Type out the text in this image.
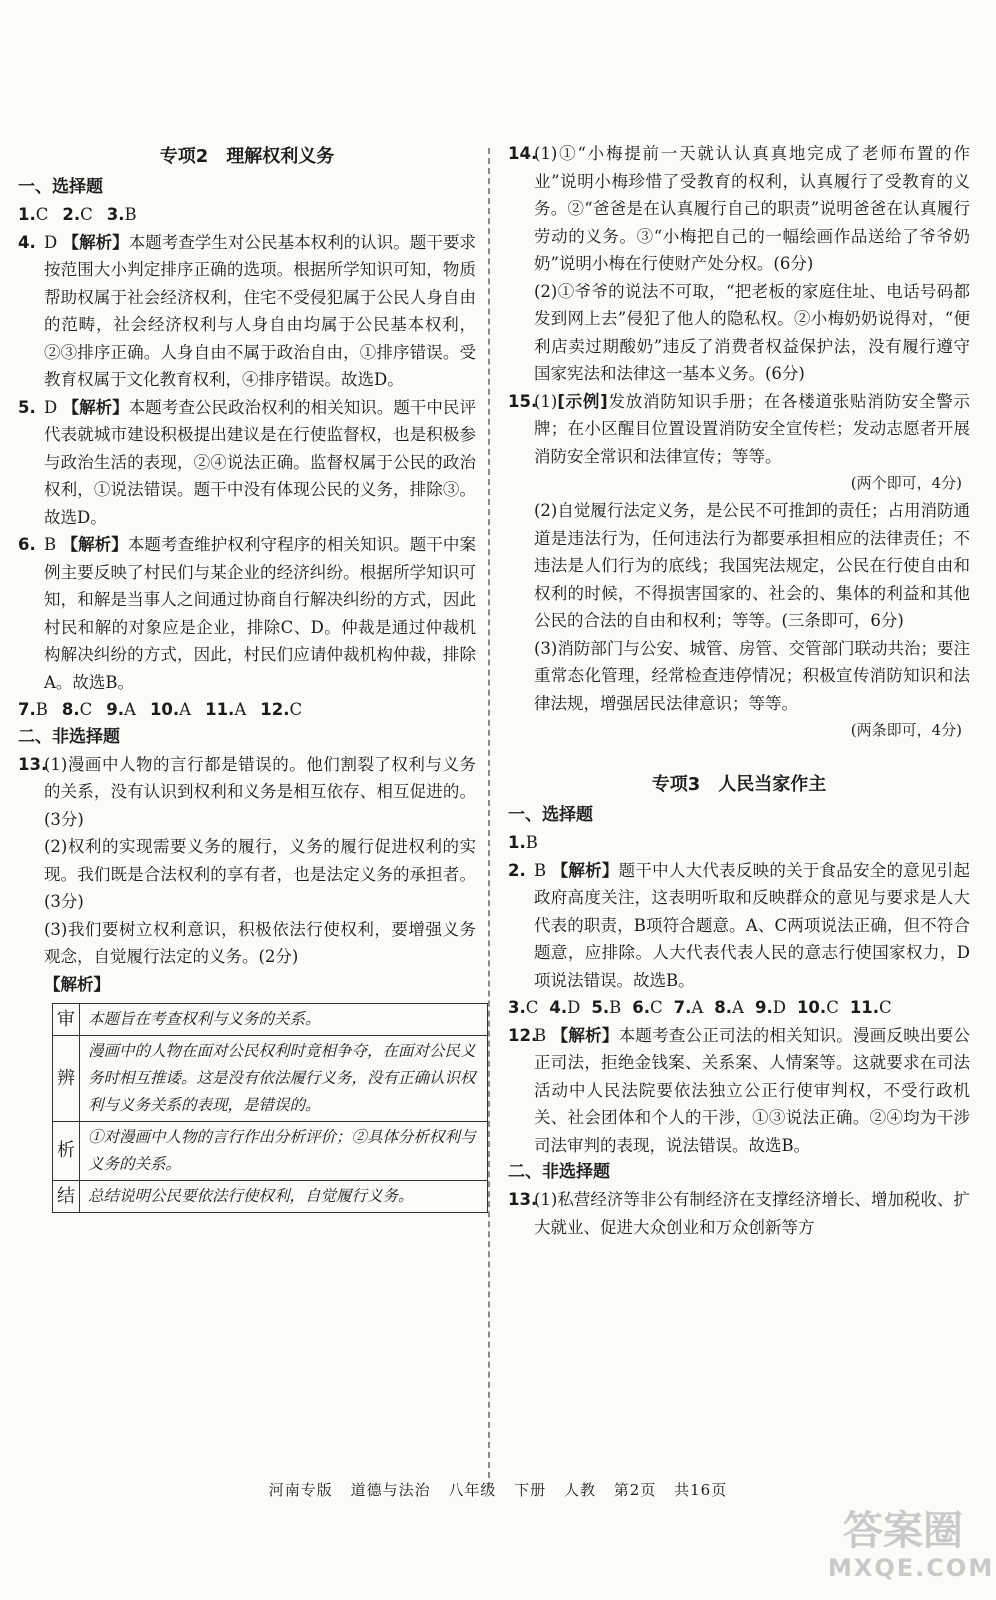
专项2　理解权利义务
一、选择题
1.C 2.C 3.B
4. D 【解析】本题考查学生对公民基本权利的认识。题干要求按范围大小判定排序正确的选项。根据所学知识可知，物质帮助权属于社会经济权利，住宅不受侵犯属于公民人身自由的范畴，社会经济权利与人身自由均属于公民基本权利，②③排序正确。人身自由不属于政治自由，①排序错误。受教育权属于文化教育权利，④排序错误。故选D。
5. D 【解析】本题考查公民政治权利的相关知识。题干中民评代表就城市建设积极提出建议是在行使监督权，也是积极参与政治生活的表现，②④说法正确。监督权属于公民的政治权利，①说法错误。题干中没有体现公民的义务，排除③。故选D。
6. B 【解析】本题考查维护权利守程序的相关知识。题干中案例主要反映了村民们与某企业的经济纠纷。根据所学知识可知，和解是当事人之间通过协商自行解决纠纷的方式，因此村民和解的对象应是企业，排除C、D。仲裁是通过仲裁机构解决纠纷的方式，因此，村民们应请仲裁机构仲裁，排除A。故选B。
7.B 8.C 9.A 10.A 11.A 12.C
二、非选择题
13.
(1)漫画中人物的言行都是错误的。他们割裂了权利与义务的关系，没有认识到权利和义务是相互依存、相互促进的。(3分)
(2)权利的实现需要义务的履行，义务的履行促进权利的实现。我们既是合法权利的享有者，也是法定义务的承担者。(3分)
(3)我们要树立权利意识，积极依法行使权利，要增强义务观念，自觉履行法定的义务。(2分)
【解析】
审	本题旨在考查权利与义务的关系。
辨	漫画中的人物在面对公民权利时竟相争夺，在面对公民义务时相互推诿。这是没有依法履行义务，没有正确认识权利与义务关系的表现，是错误的。
析	①对漫画中人物的言行作出分析评价；②具体分析权利与义务的关系。
结	总结说明公民要依法行使权利，自觉履行义务。
14.
(1)①“小梅提前一天就认认真真地完成了老师布置的作业”说明小梅珍惜了受教育的权利，认真履行了受教育的义务。②“爸爸是在认真履行自己的职责”说明爸爸在认真履行劳动的义务。③“小梅把自己的一幅绘画作品送给了爷爷奶奶”说明小梅在行使财产处分权。(6分)
(2)①爷爷的说法不可取，“把老板的家庭住址、电话号码都发到网上去”侵犯了他人的隐私权。②小梅奶奶说得对，“便利店卖过期酸奶”违反了消费者权益保护法，没有履行遵守国家宪法和法律这一基本义务。(6分)
15.
(1)[示例]发放消防知识手册；在各楼道张贴消防安全警示牌；在小区醒目位置设置消防安全宣传栏；发动志愿者开展消防安全常识和法律宣传；等等。
(两个即可，4分)
(2)自觉履行法定义务，是公民不可推卸的责任；占用消防通道是违法行为，任何违法行为都要承担相应的法律责任；不违法是人们行为的底线；我国宪法规定，公民在行使自由和权利的时候，不得损害国家的、社会的、集体的利益和其他公民的合法的自由和权利；等等。(三条即可，6分)
(3)消防部门与公安、城管、房管、交管部门联动共治；要注重常态化管理，经常检查违停情况；积极宣传消防知识和法律法规，增强居民法律意识；等等。
(两条即可，4分)
专项3　人民当家作主
一、选择题
1.B
2. B 【解析】题干中人大代表反映的关于食品安全的意见引起政府高度关注，这表明听取和反映群众的意见与要求是人大代表的职责，B项符合题意。A、C两项说法正确，但不符合题意，应排除。人大代表代表人民的意志行使国家权力，D项说法错误。故选B。
3.C 4.D 5.B 6.C 7.A 8.A 9.D 10.C 11.C
12.
B 【解析】本题考查公正司法的相关知识。漫画反映出要公正司法，拒绝金钱案、关系案、人情案等。这就要求在司法活动中人民法院要依法独立公正行使审判权，不受行政机关、社会团体和个人的干涉，①③说法正确。②④均为干涉司法审判的表现，说法错误。故选B。
二、非选择题
13.
(1)私营经济等非公有制经济在支撑经济增长、增加税收、扩大就业、促进大众创业和万众创新等方
河南专版 道德与法治 八年级 下册 人教 第2页 共16页
答案圈
MXQE.COM
